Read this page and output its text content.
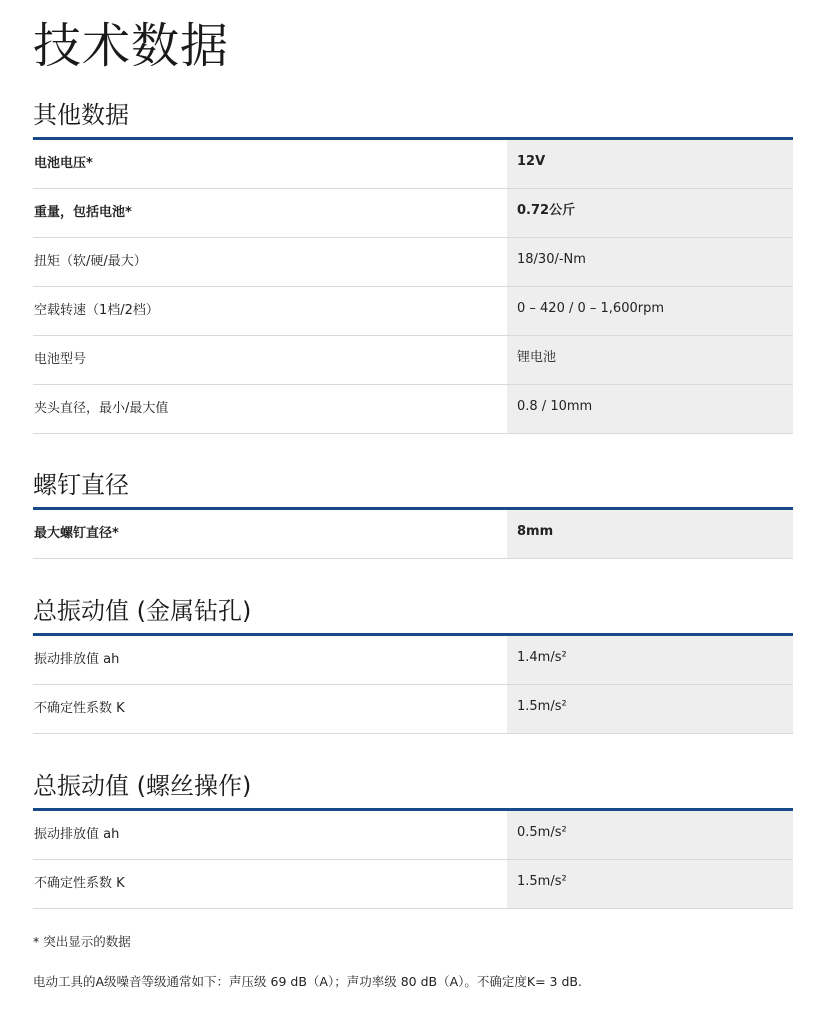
技术数据
其他数据
电池电压*	12V
重量，包括电池*	0.72公斤
扭矩（软/硬/最大）	18/30/-Nm
空载转速（1档/2档）	0 – 420 / 0 – 1,600rpm
电池型号	锂电池
夹头直径，最小/最大值	0.8 / 10mm
螺钉直径
最大螺钉直径*	8mm
总振动值 (金属钻孔)
振动排放值 ah	1.4m/s²
不确定性系数 K	1.5m/s²
总振动值 (螺丝操作)
振动排放值 ah	0.5m/s²
不确定性系数 K	1.5m/s²
* 突出显示的数据
电动工具的A级噪音等级通常如下：声压级 69 dB（A）；声功率级 80 dB（A）。不确定度K= 3 dB.
